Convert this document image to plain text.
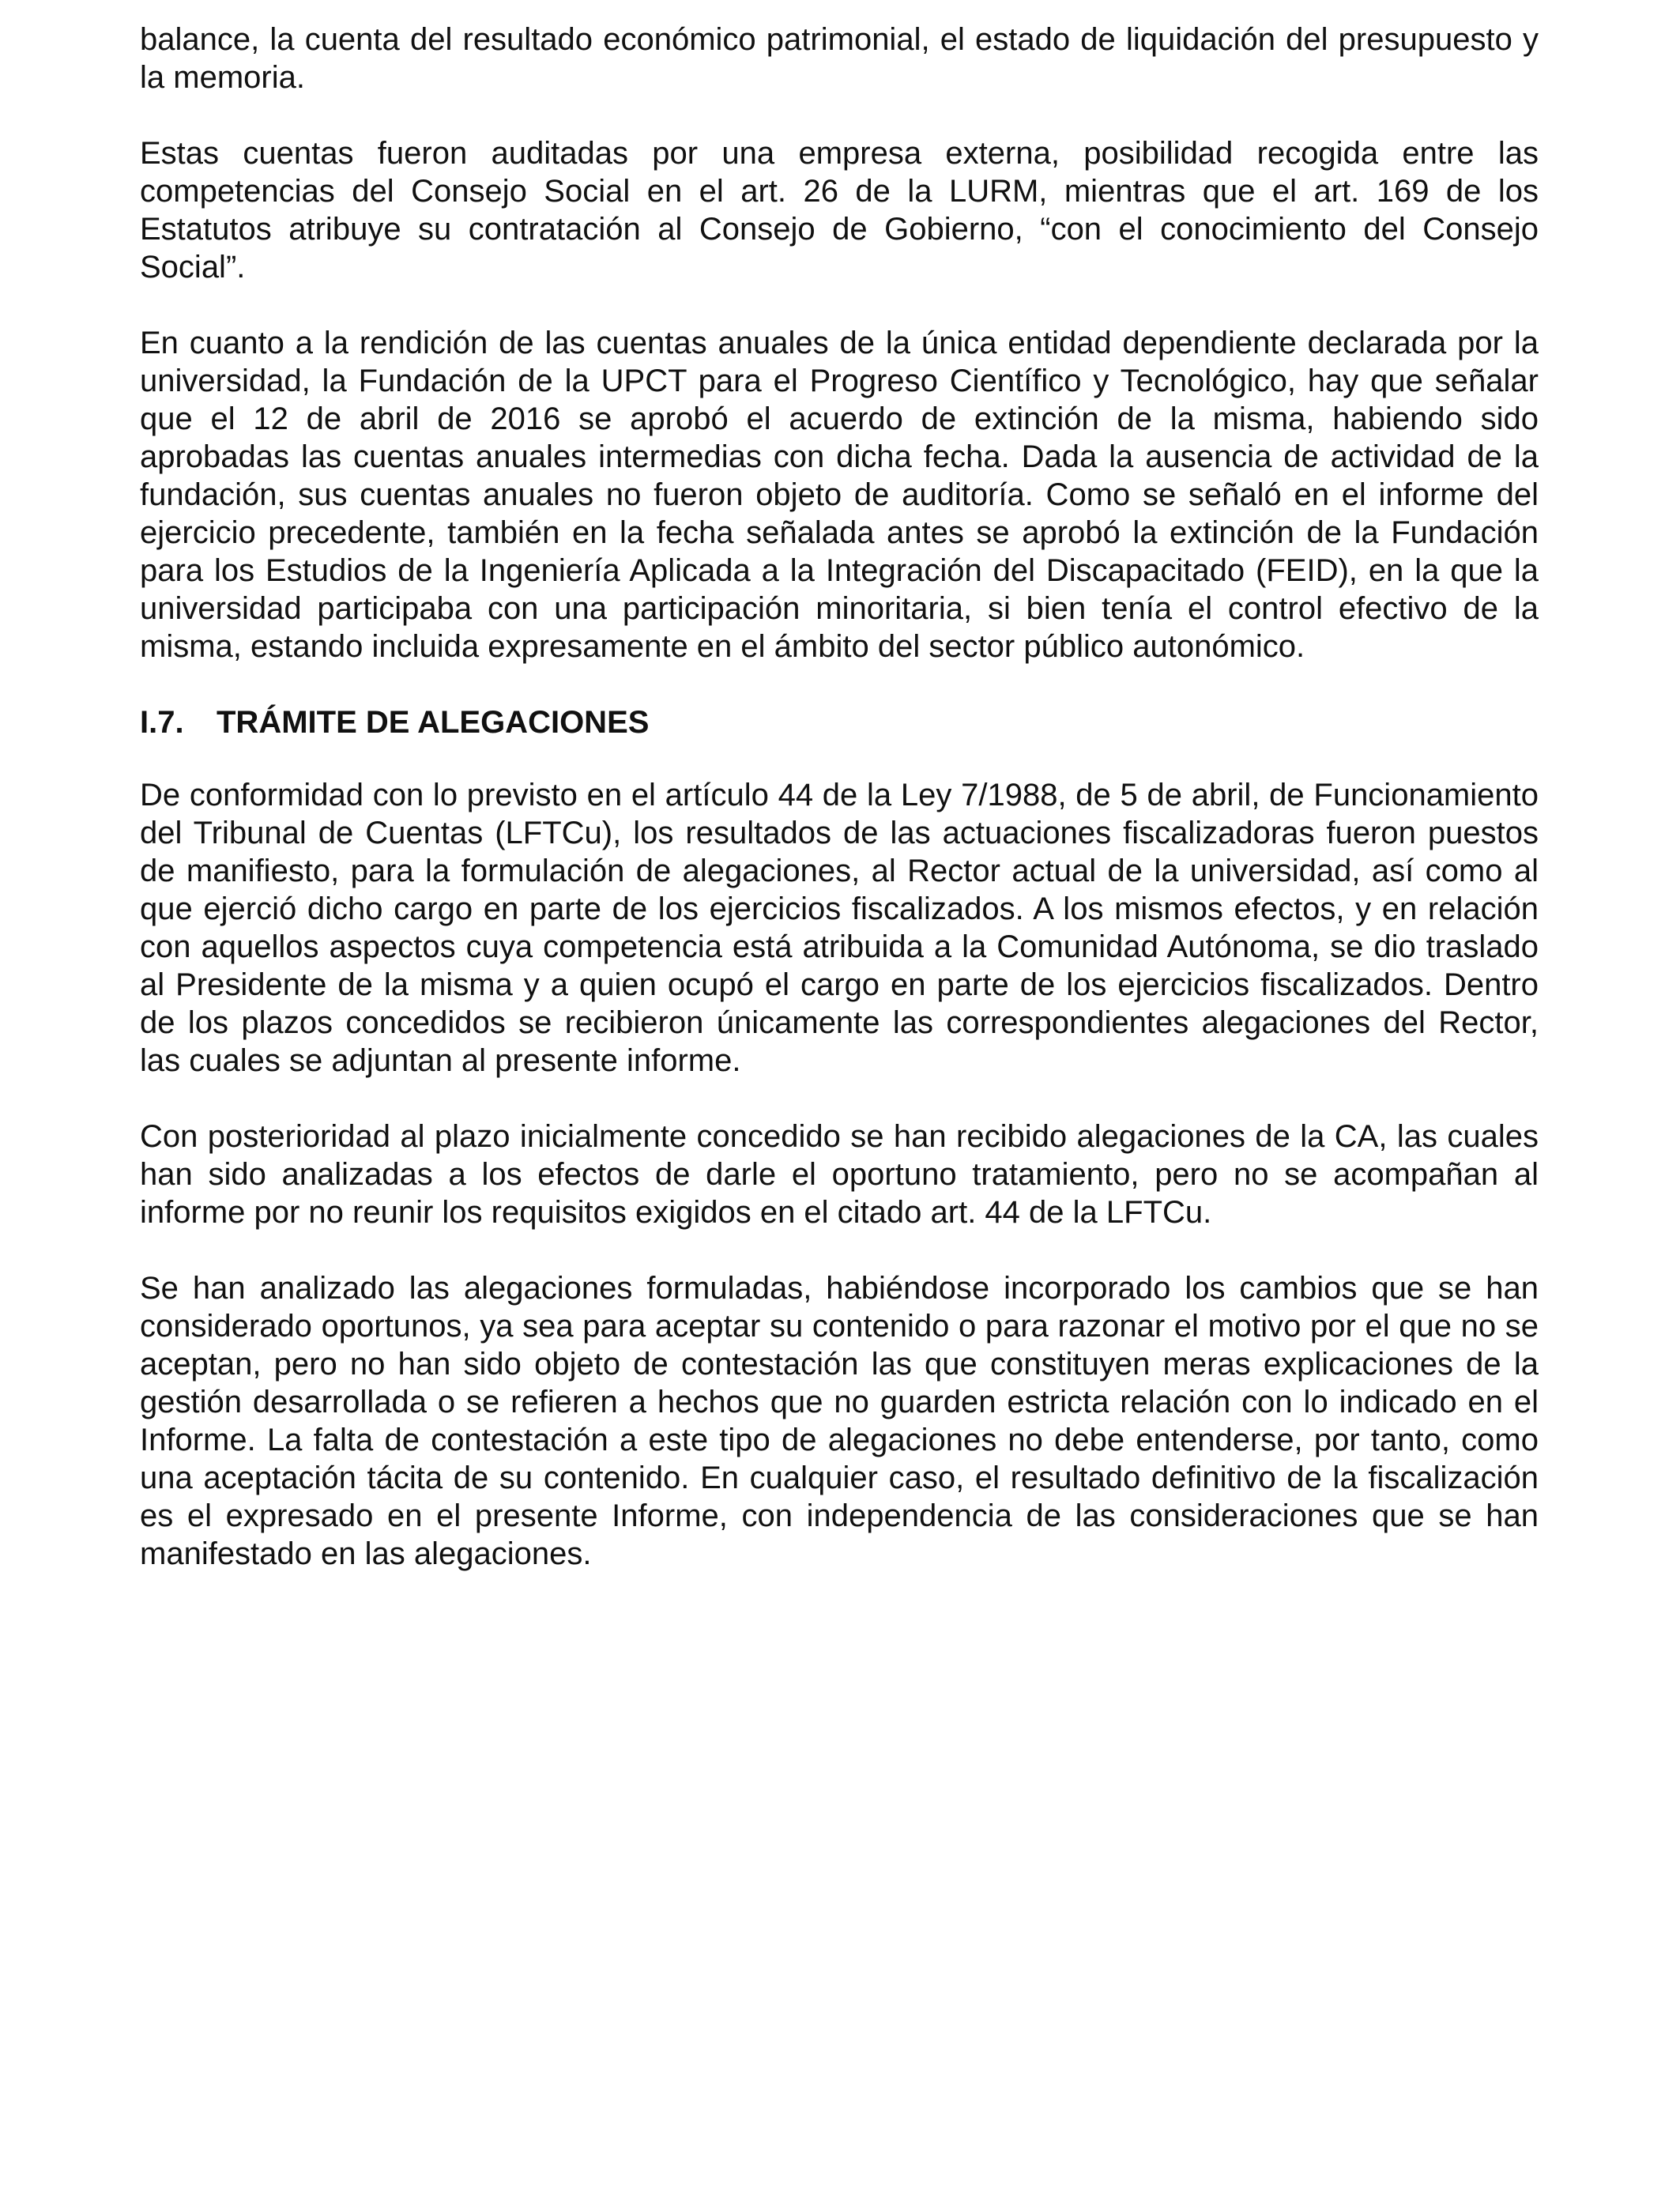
balance, la cuenta del resultado económico patrimonial, el estado de liquidación del presupuesto y la memoria.

Estas cuentas fueron auditadas por una empresa externa, posibilidad recogida entre las competencias del Consejo Social en el art. 26 de la LURM, mientras que el art. 169 de los Estatutos atribuye su contratación al Consejo de Gobierno, “con el conocimiento del Consejo Social”.

En cuanto a la rendición de las cuentas anuales de la única entidad dependiente declarada por la universidad, la Fundación de la UPCT para el Progreso Científico y Tecnológico, hay que señalar que el 12 de abril de 2016 se aprobó el acuerdo de extinción de la misma, habiendo sido aprobadas las cuentas anuales intermedias con dicha fecha. Dada la ausencia de actividad de la fundación, sus cuentas anuales no fueron objeto de auditoría. Como se señaló en el informe del ejercicio precedente, también en la fecha señalada antes se aprobó la extinción de la Fundación para los Estudios de la Ingeniería Aplicada a la Integración del Discapacitado (FEID), en la que la universidad participaba con una participación minoritaria, si bien tenía el control efectivo de la misma, estando incluida expresamente en el ámbito del sector público autonómico.

I.7.	TRÁMITE DE ALEGACIONES

De conformidad con lo previsto en el artículo 44 de la Ley 7/1988, de 5 de abril, de Funcionamiento del Tribunal de Cuentas (LFTCu), los resultados de las actuaciones fiscalizadoras fueron puestos de manifiesto, para la formulación de alegaciones, al Rector actual de la universidad, así como al que ejerció dicho cargo en parte de los ejercicios fiscalizados. A los mismos efectos, y en relación con aquellos aspectos cuya competencia está atribuida a la Comunidad Autónoma, se dio traslado al Presidente de la misma y a quien ocupó el cargo en parte de los ejercicios fiscalizados. Dentro de los plazos concedidos se recibieron únicamente las correspondientes alegaciones del Rector, las cuales se adjuntan al presente informe.

Con posterioridad al plazo inicialmente concedido se han recibido alegaciones de la CA, las cuales han sido analizadas a los efectos de darle el oportuno tratamiento, pero no se acompañan al informe por no reunir los requisitos exigidos en el citado art. 44 de la LFTCu.

Se han analizado las alegaciones formuladas, habiéndose incorporado los cambios que se han considerado oportunos, ya sea para aceptar su contenido o para razonar el motivo por el que no se aceptan, pero no han sido objeto de contestación las que constituyen meras explicaciones de la gestión desarrollada o se refieren a hechos que no guarden estricta relación con lo indicado en el Informe. La falta de contestación a este tipo de alegaciones no debe entenderse, por tanto, como una aceptación tácita de su contenido. En cualquier caso, el resultado definitivo de la fiscalización es el expresado en el presente Informe, con independencia de las consideraciones que se han manifestado en las alegaciones.
